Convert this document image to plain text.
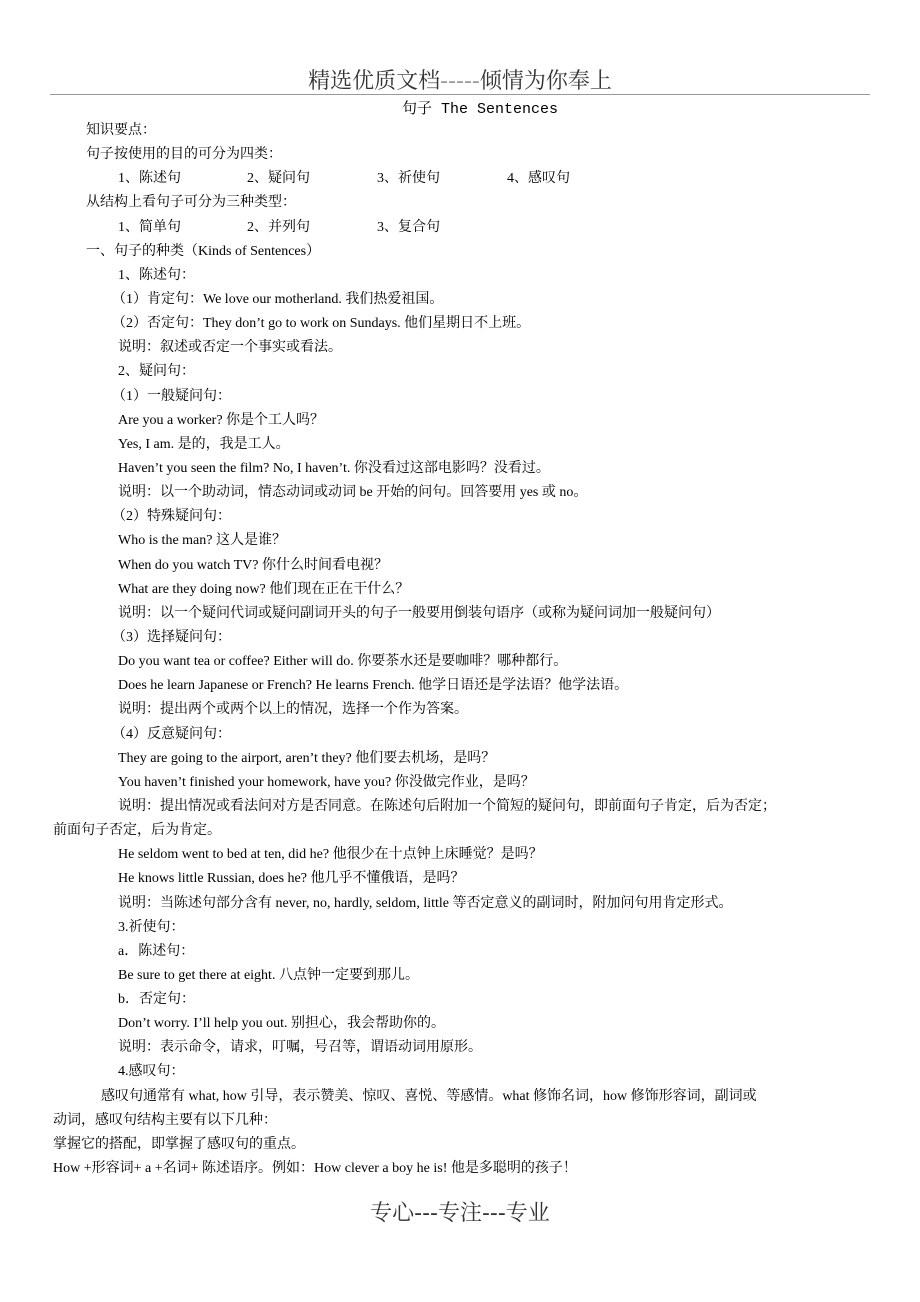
精选优质文档-----倾情为你奉上
句子 The Sentences
知识要点：
句子按使用的目的可分为四类：
1、陈述句	2、疑问句	3、祈使句	4、感叹句
从结构上看句子可分为三种类型：
1、简单句	2、并列句	3、复合句
一、句子的种类（Kinds of Sentences）
1、陈述句：
（1）肯定句：We love our motherland. 我们热爱祖国。
（2）否定句：They don’t go to work on Sundays. 他们星期日不上班。
说明：叙述或否定一个事实或看法。
2、疑问句：
（1）一般疑问句：
Are you a worker? 你是个工人吗？
Yes, I am. 是的，我是工人。
Haven’t you seen the film? No, I haven’t. 你没看过这部电影吗？没看过。
说明：以一个助动词，情态动词或动词 be 开始的问句。回答要用 yes 或 no。
（2）特殊疑问句：
Who is the man? 这人是谁？
When do you watch TV? 你什么时间看电视？
What are they doing now? 他们现在正在干什么？
说明：以一个疑问代词或疑问副词开头的句子一般要用倒装句语序（或称为疑问词加一般疑问句）
（3）选择疑问句：
Do you want tea or coffee? Either will do. 你要茶水还是要咖啡？哪种都行。
Does he learn Japanese or French? He learns French. 他学日语还是学法语？他学法语。
说明：提出两个或两个以上的情况，选择一个作为答案。
（4）反意疑问句：
They are going to the airport, aren’t they? 他们要去机场，是吗？
You haven’t finished your homework, have you? 你没做完作业，是吗？
说明：提出情况或看法问对方是否同意。在陈述句后附加一个简短的疑问句，即前面句子肯定，后为否定；
前面句子否定，后为肯定。
He seldom went to bed at ten, did he? 他很少在十点钟上床睡觉？是吗？
He knows little Russian, does he? 他几乎不懂俄语，是吗？
说明：当陈述句部分含有 never, no, hardly, seldom, little 等否定意义的副词时，附加问句用肯定形式。
3.祈使句：
a．陈述句：
Be sure to get there at eight. 八点钟一定要到那儿。
b．否定句：
Don’t worry. I’ll help you out. 别担心，我会帮助你的。
说明：表示命令，请求，叮嘱，号召等，谓语动词用原形。
4.感叹句：
感叹句通常有 what, how 引导，表示赞美、惊叹、喜悦、等感情。what 修饰名词，how 修饰形容词，副词或
动词，感叹句结构主要有以下几种：
掌握它的搭配，即掌握了感叹句的重点。
How +形容词+ a +名词+ 陈述语序。例如：How clever a boy he is! 他是多聪明的孩子！
专心---专注---专业
